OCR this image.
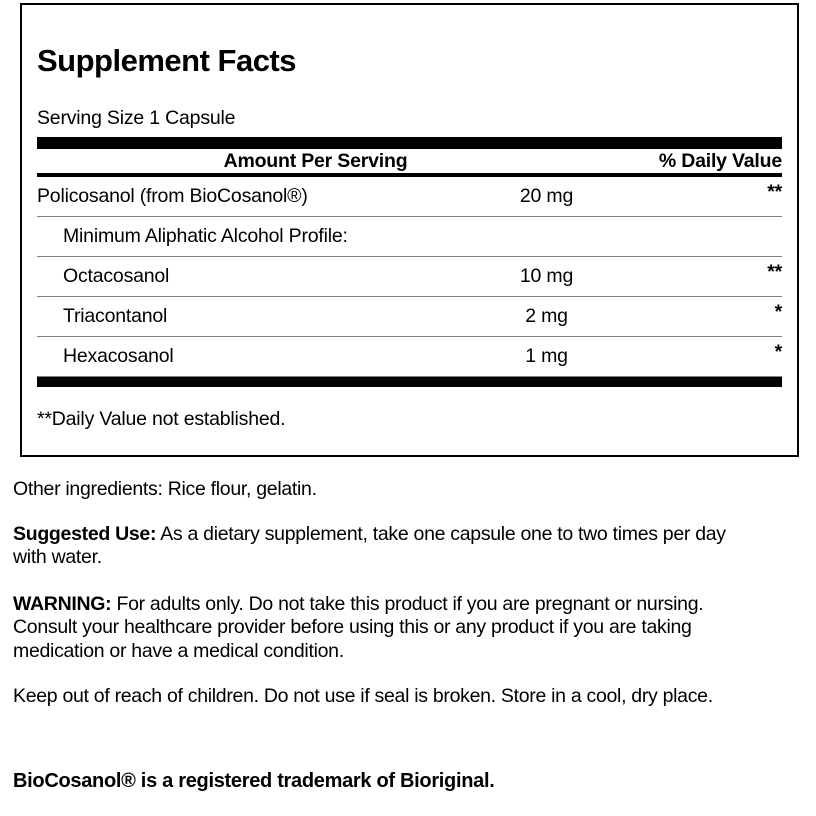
Supplement Facts
Serving Size 1 Capsule
Amount Per Serving	% Daily Value
Policosanol (from BioCosanol®)	20 mg	**
Minimum Aliphatic Alcohol Profile:
Octacosanol	10 mg	**
Triacontanol	2 mg	*
Hexacosanol	1 mg	*
**Daily Value not established.

Other ingredients: Rice flour, gelatin.

Suggested Use: As a dietary supplement, take one capsule one to two times per day with water.

WARNING: For adults only. Do not take this product if you are pregnant or nursing. Consult your healthcare provider before using this or any product if you are taking medication or have a medical condition.

Keep out of reach of children. Do not use if seal is broken. Store in a cool, dry place.

BioCosanol® is a registered trademark of Bioriginal.
